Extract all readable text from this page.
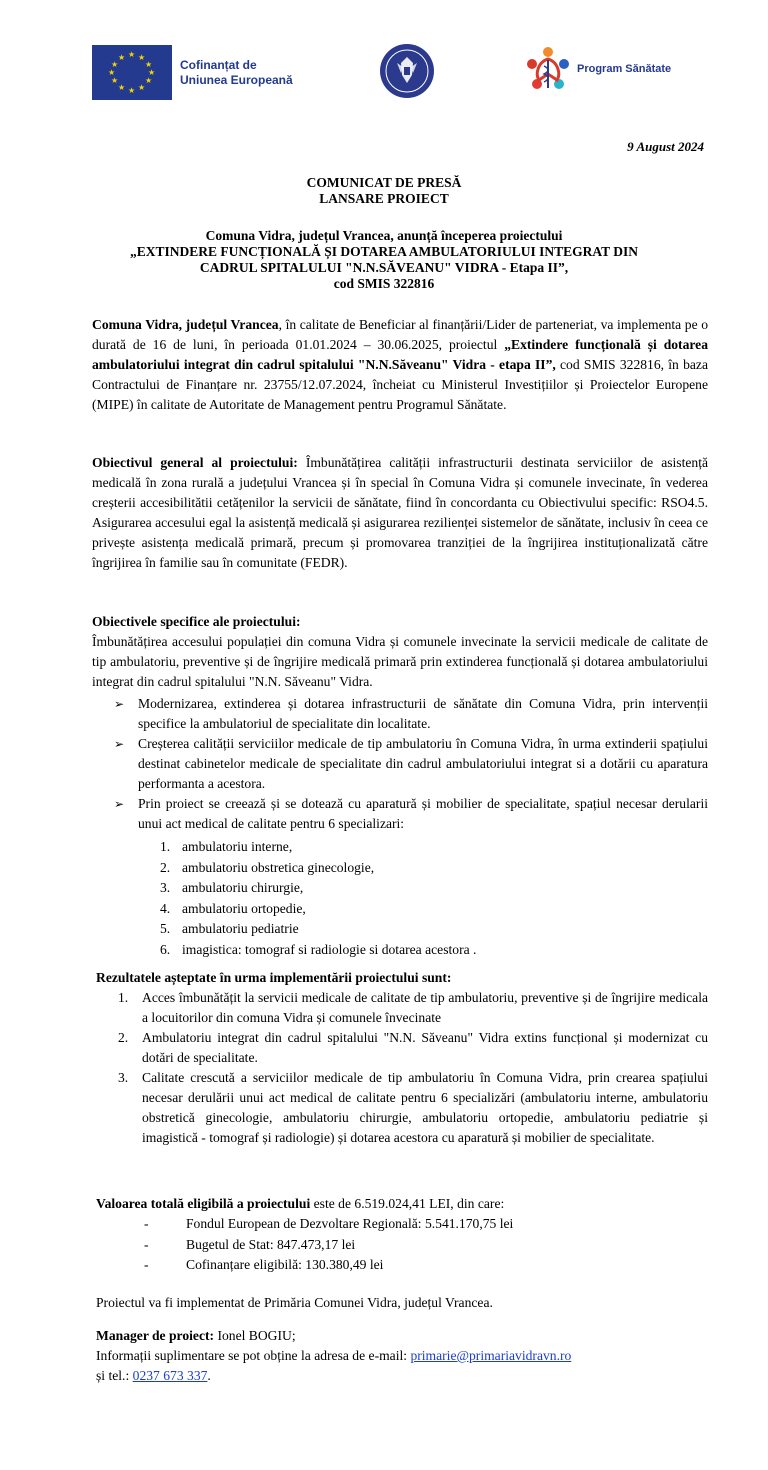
★ ★
★
★
★
★
★
★
★
★
★
★	Cofinanțat de
Uniunea Europeană
Program Sănătate
9 August 2024
COMUNICAT DE PRESĂ
LANSARE PROIECT
Comuna Vidra, județul Vrancea, anunță începerea proiectului
„EXTINDERE FUNCȚIONALĂ ȘI DOTAREA AMBULATORIULUI INTEGRAT DIN
CADRUL SPITALULUI "N.N.SĂVEANU" VIDRA - Etapa II”,
cod SMIS 322816

Comuna Vidra, județul Vrancea, în calitate de Beneficiar al finanțării/Lider de parteneriat, va implementa pe o durată de 16 de luni, în perioada 01.01.2024 – 30.06.2025, proiectul „Extindere funcțională și dotarea ambulatoriului integrat din cadrul spitalului "N.N.Săveanu" Vidra - etapa II”, cod SMIS 322816, în baza Contractului de Finanțare nr. 23755/12.07.2024, încheiat cu Ministerul Investițiilor și Proiectelor Europene (MIPE) în calitate de Autoritate de Management pentru Programul Sănătate.

Obiectivul general al proiectului: Îmbunătățirea calității infrastructurii destinata serviciilor de asistență medicală în zona rurală a județului Vrancea și în special în Comuna Vidra și comunele invecinate, în vederea creșterii accesibilitătii cetățenilor la servicii de sănătate, fiind în concordanta cu Obiectivului specific: RSO4.5. Asigurarea accesului egal la asistență medicală și asigurarea rezilienței sistemelor de sănătate, inclusiv în ceea ce privește asistența medicală primară, precum și promovarea tranziției de la îngrijirea instituționalizată către îngrijirea în familie sau în comunitate (FEDR).

Obiectivele specifice ale proiectului:

Îmbunătățirea accesului populației din comuna Vidra și comunele invecinate la servicii medicale de calitate de tip ambulatoriu, preventive și de îngrijire medicală primară prin extinderea funcțională și dotarea ambulatoriului integrat din cadrul spitalului "N.N. Săveanu" Vidra.

➢ Modernizarea, extinderea și dotarea infrastructurii de sănătate din Comuna Vidra, prin intervenții specifice la ambulatoriul de specialitate din localitate.
➢ Creșterea calității serviciilor medicale de tip ambulatoriu în Comuna Vidra, în urma extinderii spațiului destinat cabinetelor medicale de specialitate din cadrul ambulatoriului integrat si a dotării cu aparatura performanta a acestora.
➢ Prin proiect se creează și se dotează cu aparatură și mobilier de specialitate, spațiul necesar derularii unui act medical de calitate pentru 6 specializari:
1. ambulatoriu interne,
2. ambulatoriu obstretica ginecologie,
3. ambulatoriu chirurgie,
4. ambulatoriu ortopedie,
5. ambulatoriu pediatrie
6. imagistica: tomograf si radiologie si dotarea acestora .

Rezultatele așteptate în urma implementării proiectului sunt:

1. Acces îmbunătățit la servicii medicale de calitate de tip ambulatoriu, preventive și de îngrijire medicala a locuitorilor din comuna Vidra și comunele învecinate
2. Ambulatoriu integrat din cadrul spitalului "N.N. Săveanu" Vidra extins funcțional și modernizat cu dotări de specialitate.
3. Calitate crescută a serviciilor medicale de tip ambulatoriu în Comuna Vidra, prin crearea spațiului necesar derulării unui act medical de calitate pentru 6 specializări (ambulatoriu interne, ambulatoriu obstretică ginecologie, ambulatoriu chirurgie, ambulatoriu ortopedie, ambulatoriu pediatrie și imagistică - tomograf și radiologie) și dotarea acestora cu aparatură și mobilier de specialitate.

Valoarea totală eligibilă a proiectului este de 6.519.024,41 LEI, din care:

-	Fondul European de Dezvoltare Regională: 5.541.170,75 lei
-	Bugetul de Stat: 847.473,17 lei
-	Cofinanțare eligibilă: 130.380,49 lei

Proiectul va fi implementat de Primăria Comunei Vidra, județul Vrancea.

Manager de proiect: Ionel BOGIU;

Informații suplimentare se pot obține la adresa de e-mail: primarie@primariavidravn.ro

și tel.: 0237 673 337.
